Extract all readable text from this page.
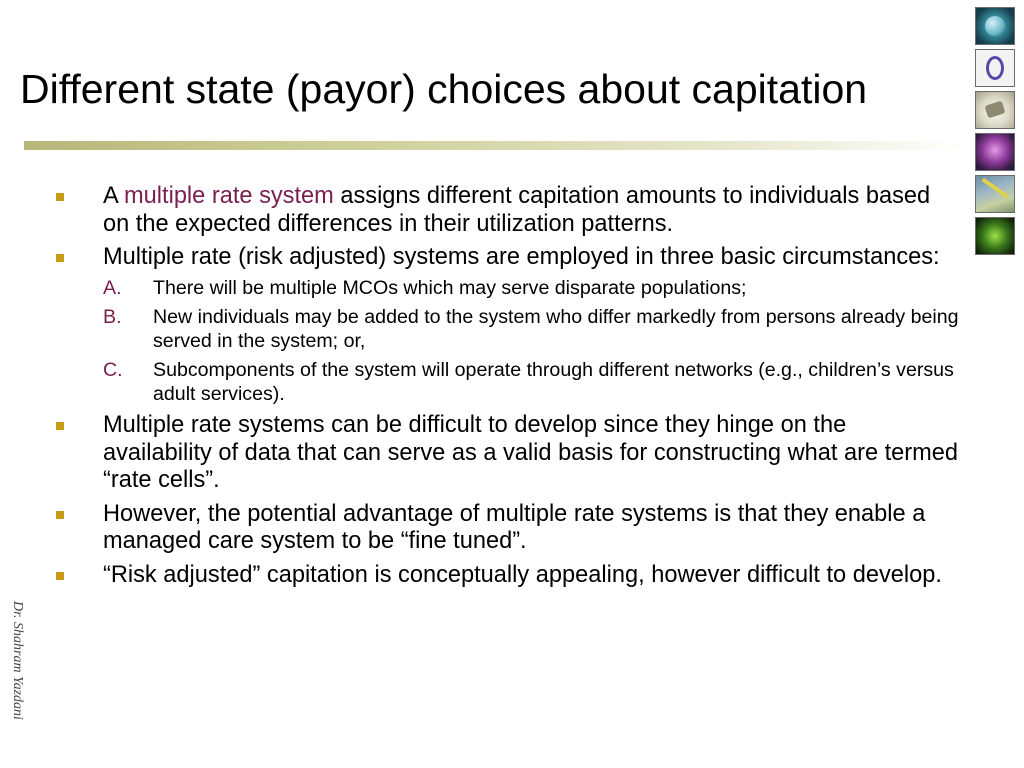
Different state (payor) choices about capitation
Dr. Shahram Yazdani
A multiple rate system assigns different capitation amounts to individuals based on the expected differences in their utilization patterns.
Multiple rate (risk adjusted) systems are employed in three basic circumstances:
A. There will be multiple MCOs which may serve disparate populations;
B. New individuals may be added to the system who differ markedly from persons already being served in the system; or,
C. Subcomponents of the system will operate through different networks (e.g., children’s versus adult services).
Multiple rate systems can be difficult to develop since they hinge on the availability of data that can serve as a valid basis for constructing what are termed “rate cells”.
However, the potential advantage of multiple rate systems is that they enable a managed care system to be “fine tuned”.
“Risk adjusted” capitation is conceptually appealing, however difficult to develop.
